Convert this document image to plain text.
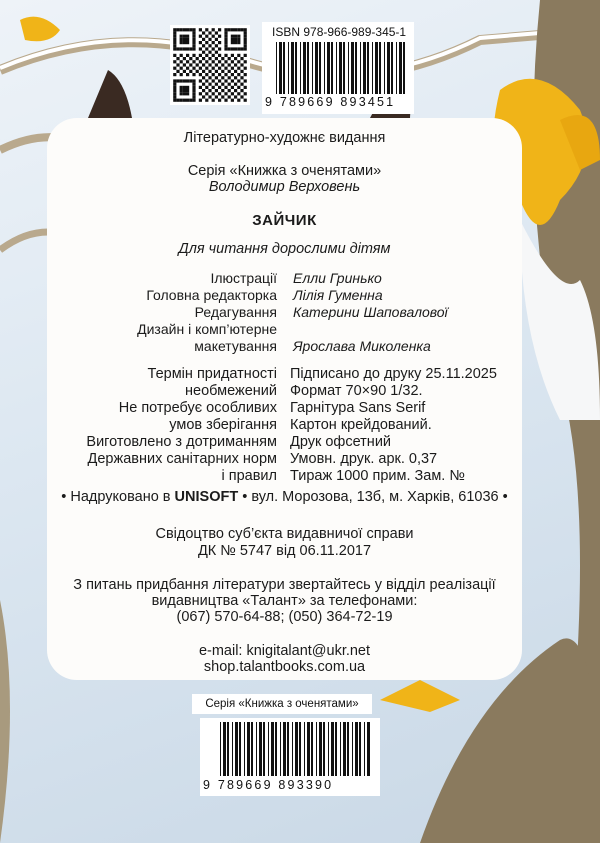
ISBN 978-966-989-345-1
9 789669 893451
Літературно-художнє видання
Серія «Книжка з оченятами»
Володимир Верховень
ЗАЙЧИК
Для читання дорослими дітям
Ілюстрації Елли Гринько
Головна редакторка Лілія Гуменна
Редагування Катерини Шаповалової
Дизайн і комп’ютерне
макетування Ярослава Миколенка
Термін придатності Підписано до друку 25.11.2025
необмежений Формат 70×90 1/32.
Не потребує особливих Гарнітура Sans Serif
умов зберігання Картон крейдований.
Виготовлено з дотриманням Друк офсетний
Державних санітарних норм Умовн. друк. арк. 0,37
і правил Тираж 1000 прим. Зам. №
• Надруковано в UNISOFT • вул. Морозова, 13б, м. Харків, 61036 •
Свідоцтво суб’єкта видавничої справи
ДК № 5747 від 06.11.2017
З питань придбання літератури звертайтесь у відділ реалізації
видавництва «Талант» за телефонами:
(067) 570-64-88; (050) 364-72-19
e-mail: knigitalant@ukr.net
shop.talantbooks.com.ua
Серія «Книжка з оченятами»
9 789669 893390
